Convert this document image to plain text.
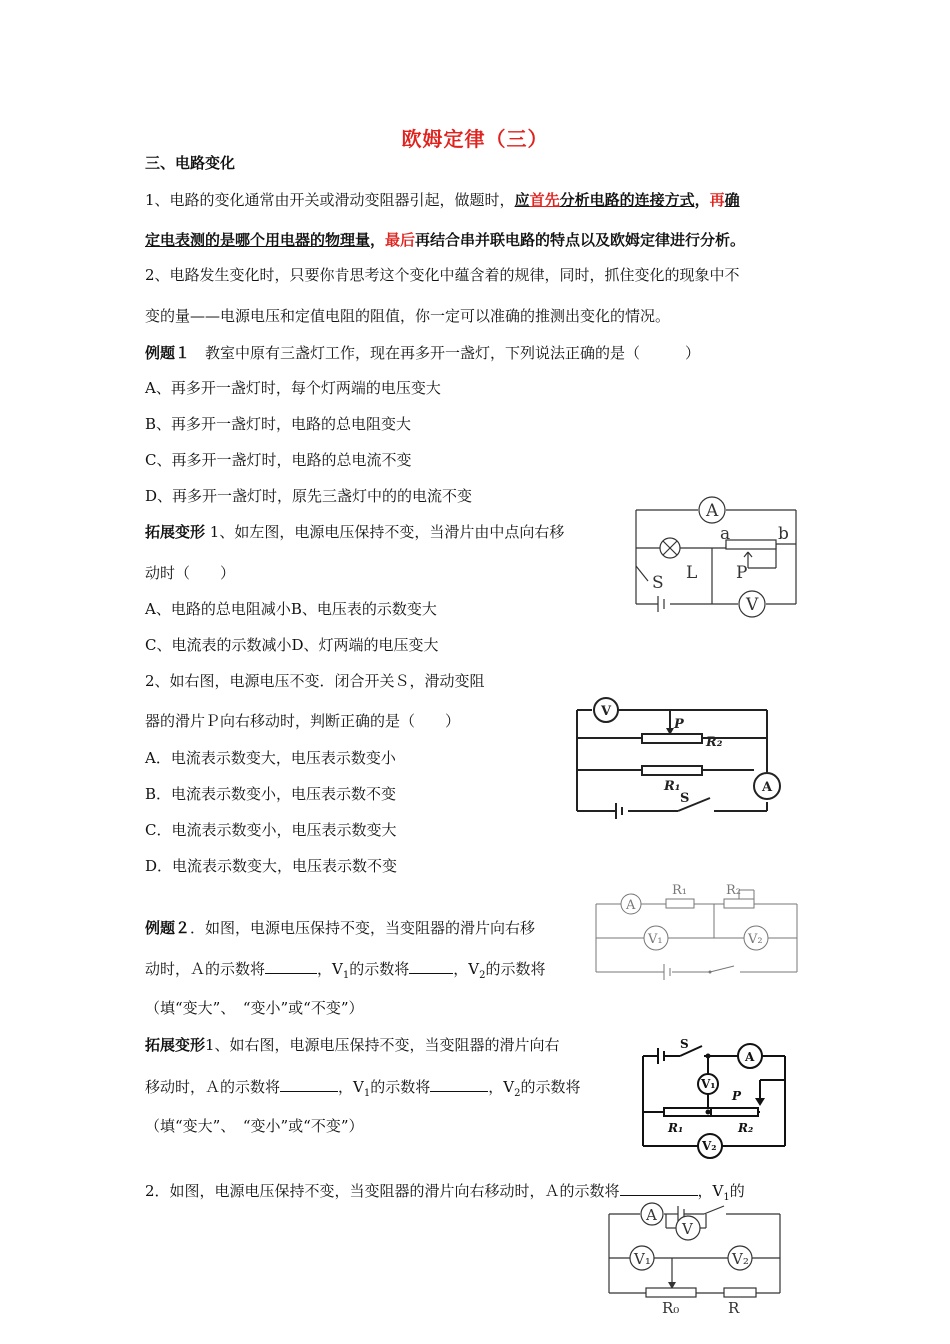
欧姆定律（三）
三、电路变化
1、电路的变化通常由开关或滑动变阻器引起，做题时，应首先分析电路的连接方式，再确
定电表测的是哪个用电器的物理量，最后再结合串并联电路的特点以及欧姆定律进行分析。
2、电路发生变化时，只要你肯思考这个变化中蕴含着的规律，同时，抓住变化的现象中不
变的量——电源电压和定值电阻的阻值，你一定可以准确的推测出变化的情况。
例题１　教室中原有三盏灯工作，现在再多开一盏灯，下列说法正确的是（　　　）
A、再多开一盏灯时，每个灯两端的电压变大
B、再多开一盏灯时，电路的总电阻变大
C、再多开一盏灯时，电路的总电流不变
D、再多开一盏灯时，原先三盏灯中的的电流不变
拓展变形 1、如左图，电源电压保持不变，当滑片由中点向右移
动时（　　）
A、电路的总电阻减小B、电压表的示数变大
C、电流表的示数减小D、灯两端的电压变大
2、如右图，电源电压不变．闭合开关Ｓ，滑动变阻
器的滑片Ｐ向右移动时，判断正确的是（　　）
A．电流表示数变大，电压表示数变小
B．电流表示数变小，电压表示数不变
C．电流表示数变小，电压表示数变大
D．电流表示数变大，电压表示数不变
例题２．如图，电源电压保持不变，当变阻器的滑片向右移
动时，Ａ的示数将	，$V_1$的示数将	，$V_2$的示数将
（填“变大”、　“变小”或“不变”）
拓展变形1、如右图，电源电压保持不变，当变阻器的滑片向右
移动时，Ａ的示数将	，$V_1$的示数将	，$V_2$的示数将
（填“变大”、　“变小”或“不变”）
2．如图，电源电压保持不变，当变阻器的滑片向右移动时，Ａ的示数将	，$V_1$的
A
V
a	b
L P
S
V
P
R₂
R₁	A
S
A
R₁	R₂
V₁	V₂
S
A
V₁
P
R₁	R₂
V₂
A
V
V₁	V₂
R₀	R
